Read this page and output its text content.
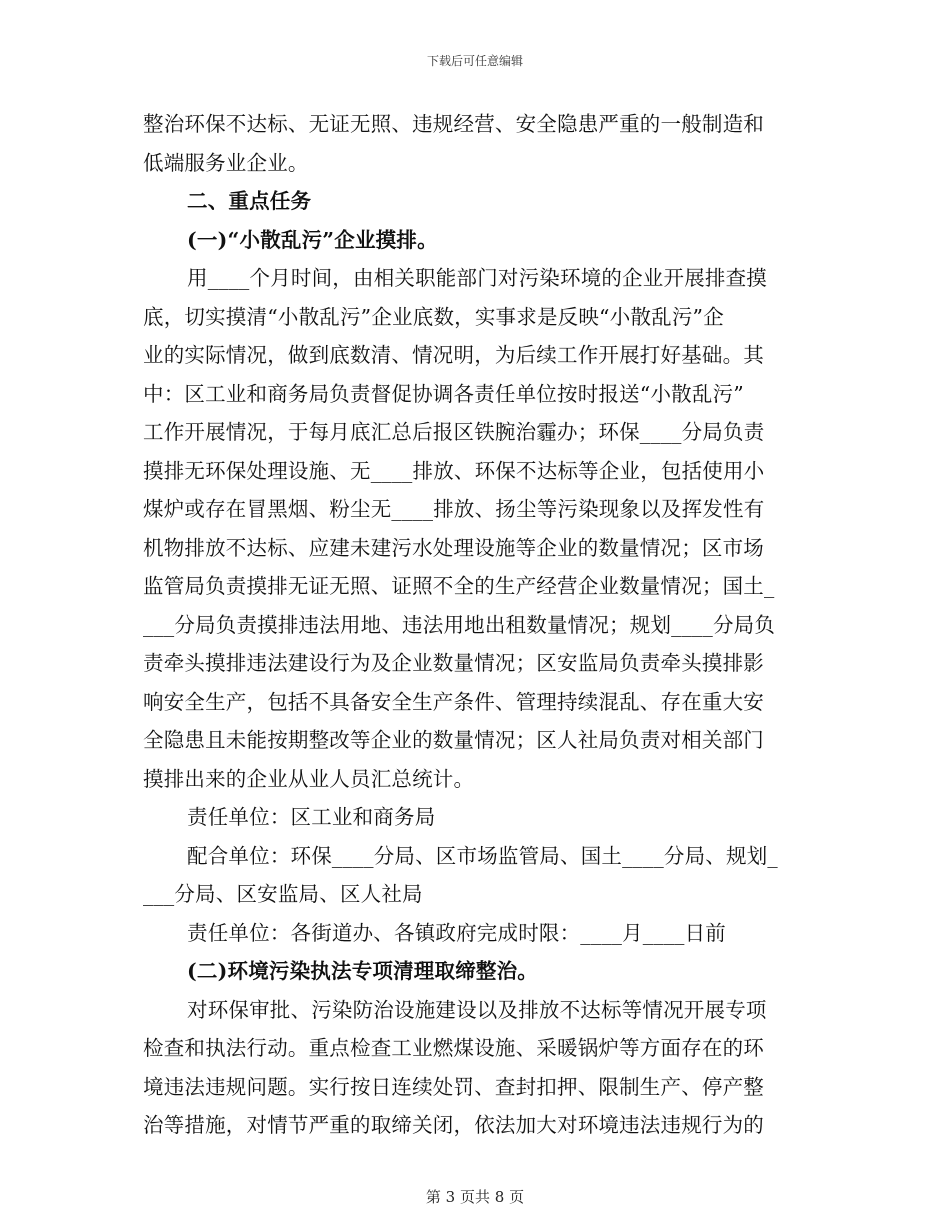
下载后可任意编辑
整治环保不达标、无证无照、违规经营、安全隐患严重的一般制造和
低端服务业企业。
二、重点任务
(一)“小散乱污”企业摸排。
用____个月时间，由相关职能部门对污染环境的企业开展排查摸
底，切实摸清“小散乱污”企业底数，实事求是反映“小散乱污”企
业的实际情况，做到底数清、情况明，为后续工作开展打好基础。其
中：区工业和商务局负责督促协调各责任单位按时报送“小散乱污”
工作开展情况，于每月底汇总后报区铁腕治霾办；环保____分局负责
摸排无环保处理设施、无____排放、环保不达标等企业，包括使用小
煤炉或存在冒黑烟、粉尘无____排放、扬尘等污染现象以及挥发性有
机物排放不达标、应建未建污水处理设施等企业的数量情况；区市场
监管局负责摸排无证无照、证照不全的生产经营企业数量情况；国土_
___分局负责摸排违法用地、违法用地出租数量情况；规划____分局负
责牵头摸排违法建设行为及企业数量情况；区安监局负责牵头摸排影
响安全生产，包括不具备安全生产条件、管理持续混乱、存在重大安
全隐患且未能按期整改等企业的数量情况；区人社局负责对相关部门
摸排出来的企业从业人员汇总统计。
责任单位：区工业和商务局
配合单位：环保____分局、区市场监管局、国土____分局、规划_
___分局、区安监局、区人社局
责任单位：各街道办、各镇政府完成时限：____月____日前
(二)环境污染执法专项清理取缔整治。
对环保审批、污染防治设施建设以及排放不达标等情况开展专项
检查和执法行动。重点检查工业燃煤设施、采暖锅炉等方面存在的环
境违法违规问题。实行按日连续处罚、查封扣押、限制生产、停产整
治等措施，对情节严重的取缔关闭，依法加大对环境违法违规行为的
第 3 页共 8 页
